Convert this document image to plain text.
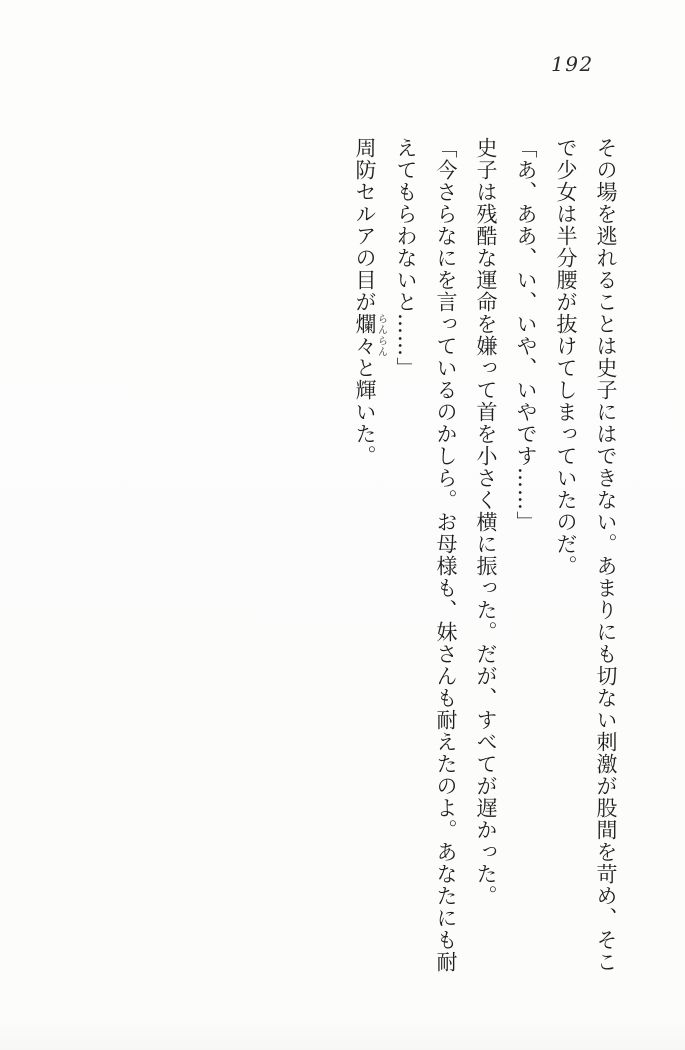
192

その場を逃れることは史子にはできない。あまりにも切ない刺激が股間を苛め、そこで少女は半分腰が抜けてしまっていたのだ。

「あ、ああ、い、いや、いやです……」

史子は残酷な運命を嫌って首を小さく横に振った。だが、すべてが遅かった。

「今さらなにを言っているのかしら。お母様も、妹さんも耐えたのよ。あなたにも耐えてもらわないと……」

周防セルアの目が爛々らんらんと輝いた。
